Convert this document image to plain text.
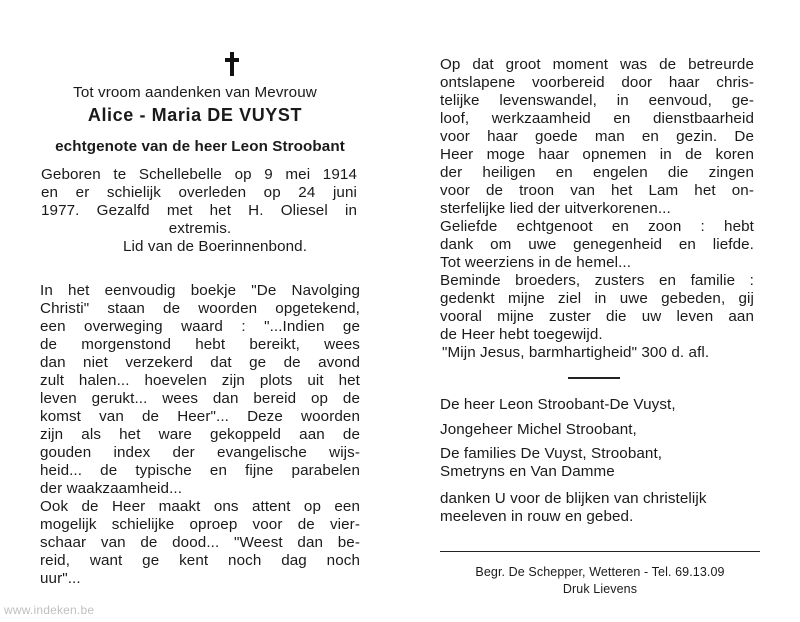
Tot vroom aandenken van Mevrouw
Alice - Maria DE VUYST
echtgenote van de heer Leon Stroobant
Geboren te Schellebelle op 9 mei 1914
en er schielijk overleden op 24 juni
1977. Gezalfd met het H. Oliesel in
extremis.
Lid van de Boerinnenbond.
In het eenvoudig boekje "De Navolging
Christi" staan de woorden opgetekend,
een overweging waard : "...Indien ge
de morgenstond hebt bereikt, wees
dan niet verzekerd dat ge de avond
zult halen... hoevelen zijn plots uit het
leven gerukt... wees dan bereid op de
komst van de Heer"... Deze woorden
zijn als het ware gekoppeld aan de
gouden index der evangelische wijs-
heid... de typische en fijne parabelen
der waakzaamheid...
Ook de Heer maakt ons attent op een
mogelijk schielijke oproep voor de vier-
schaar van de dood... "Weest dan be-
reid, want ge kent noch dag noch
uur"...
Op dat groot moment was de betreurde
ontslapene voorbereid door haar chris-
telijke levenswandel, in eenvoud, ge-
loof, werkzaamheid en dienstbaarheid
voor haar goede man en gezin. De
Heer moge haar opnemen in de koren
der heiligen en engelen die zingen
voor de troon van het Lam het on-
sterfelijke lied der uitverkorenen...
Geliefde echtgenoot en zoon : hebt
dank om uwe genegenheid en liefde.
Tot weerziens in de hemel...
Beminde broeders, zusters en familie :
gedenkt mijne ziel in uwe gebeden, gij
vooral mijne zuster die uw leven aan
de Heer hebt toegewijd.
"Mijn Jesus, barmhartigheid" 300 d. afl.
De heer Leon Stroobant-De Vuyst,
Jongeheer Michel Stroobant,
De families De Vuyst, Stroobant,
Smetryns en Van Damme
danken U voor de blijken van christelijk
meeleven in rouw en gebed.
Begr. De Schepper, Wetteren - Tel. 69.13.09
Druk Lievens
www.indeken.be
